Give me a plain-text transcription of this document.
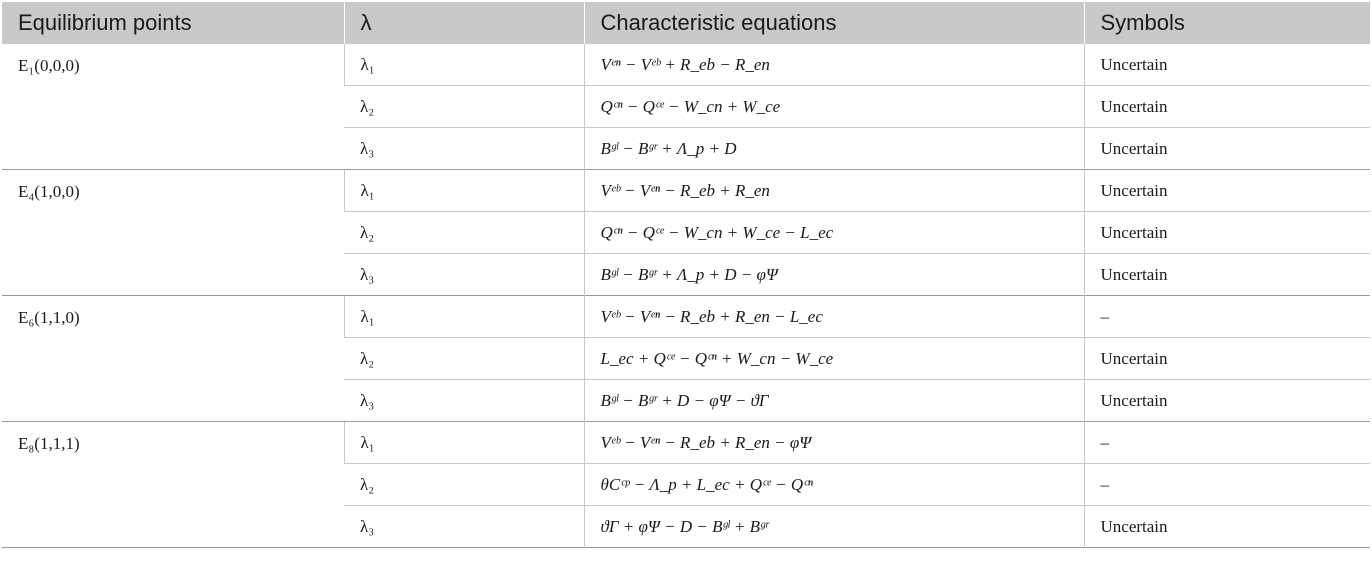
Equilibrium points	λ	Characteristic equations	Symbols
E₁(0,0,0)	λ₁	Vᵉⁿ − Vᵉᵇ + R_eb − R_en	Uncertain
	λ₂	Qᶜⁿ − Qᶜᵉ − W_cn + W_ce	Uncertain
	λ₃	Bᵍˡ − Bᵍʳ + Λ_p + D	Uncertain
E₄(1,0,0)	λ₁	Vᵉᵇ − Vᵉⁿ − R_eb + R_en	Uncertain
	λ₂	Qᶜⁿ − Qᶜᵉ − W_cn + W_ce − L_ec	Uncertain
	λ₃	Bᵍˡ − Bᵍʳ + Λ_p + D − φΨ	Uncertain
E₆(1,1,0)	λ₁	Vᵉᵇ − Vᵉⁿ − R_eb + R_en − L_ec	–
	λ₂	L_ec + Qᶜᵉ − Qᶜⁿ + W_cn − W_ce	Uncertain
	λ₃	Bᵍˡ − Bᵍʳ + D − φΨ − ϑΓ	Uncertain
E₈(1,1,1)	λ₁	Vᵉᵇ − Vᵉⁿ − R_eb + R_en − φΨ	–
	λ₂	θCᶜᵖ − Λ_p + L_ec + Qᶜᵉ − Qᶜⁿ	–
	λ₃	ϑΓ + φΨ − D − Bᵍˡ + Bᵍʳ	Uncertain
